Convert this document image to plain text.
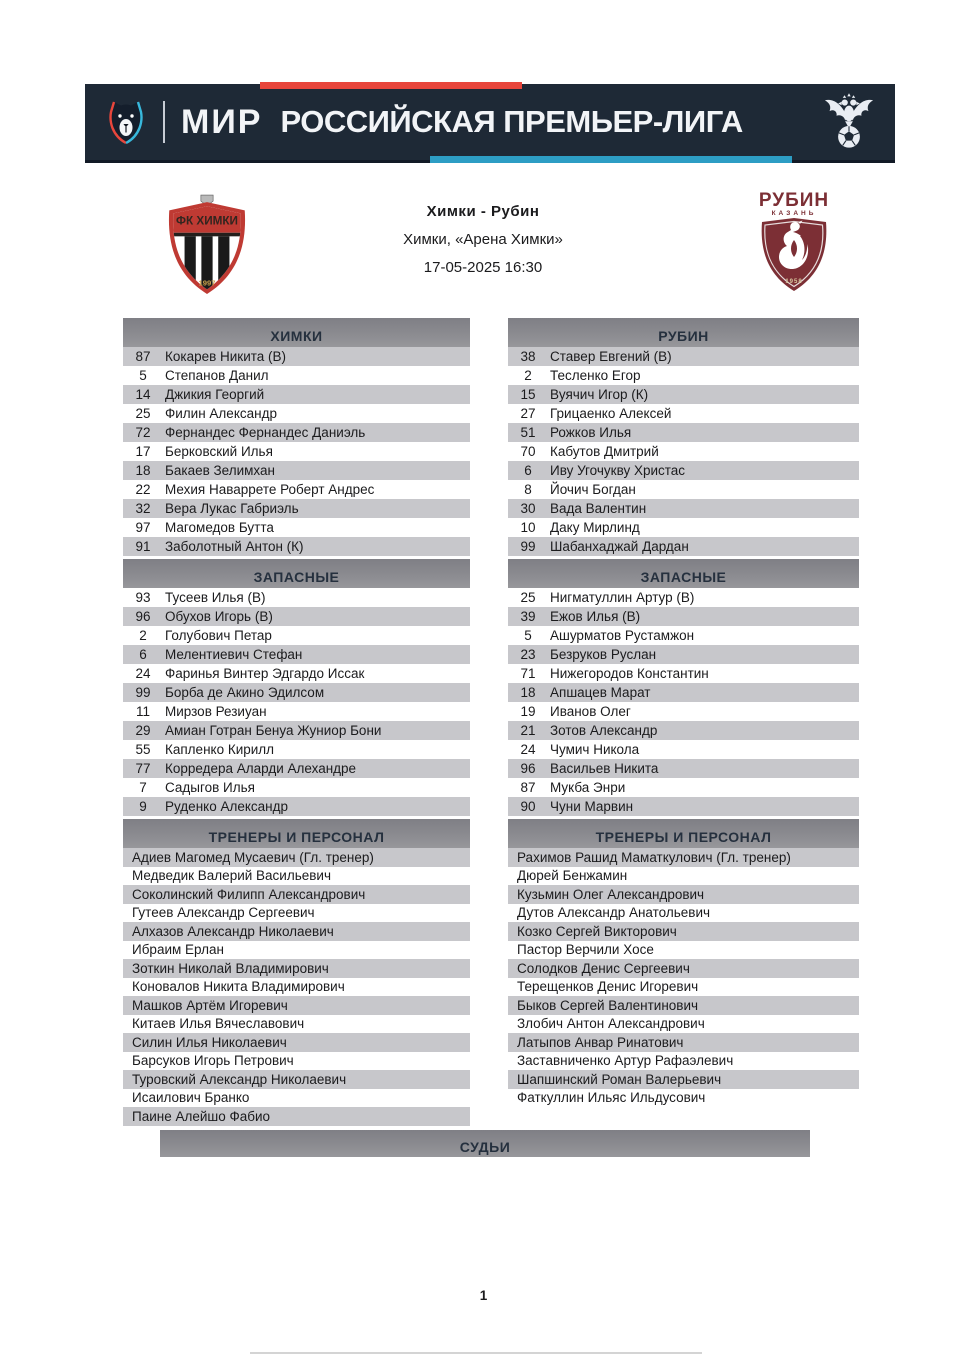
МИР РОССИЙСКАЯ ПРЕМЬЕР-ЛИГА
ФК ХИМКИ
1997
Химки - Рубин
Химки, «Арена Химки»
17-05-2025 16:30
РУБИН
КАЗАНЬ
1958
ХИМКИ
87	Кокарев Никита (В)
5	Степанов Данил
14	Джикия Георгий
25	Филин Александр
72	Фернандес Фернандес Даниэль
17	Берковский Илья
18	Бакаев Зелимхан
22	Мехия Наваррете Роберт Андрес
32	Вера Лукас Габриэль
97	Магомедов Бутта
91	Заболотный Антон (К)
ЗАПАСНЫЕ
93	Тусеев Илья (В)
96	Обухов Игорь (В)
2	Голубович Петар
6	Мелентиевич Стефан
24	Фаринья Винтер Эдгардо Иссак
99	Борба де Акино Эдилсом
11	Мирзов Резиуан
29	Амиан Готран Бенуа Жуниор Бони
55	Капленко Кирилл
77	Корредера Аларди Алехандре
7	Садыгов Илья
9	Руденко Александр
ТРЕНЕРЫ И ПЕРСОНАЛ
Адиев Магомед Мусаевич (Гл. тренер)
Медведик Валерий Васильевич
Соколинский Филипп Александрович
Гутеев Александр Сергеевич
Алхазов Александр Николаевич
Ибраим Ерлан
Зоткин Николай Владимирович
Коновалов Никита Владимирович
Машков Артём Игоревич
Китаев Илья Вячеславович
Силин Илья Николаевич
Барсуков Игорь Петрович
Туровский Александр Николаевич
Исаилович Бранко
Паине Алейшо Фабио
РУБИН
38	Ставер Евгений (В)
2	Тесленко Егор
15	Вуячич Игор (К)
27	Грицаенко Алексей
51	Рожков Илья
70	Кабутов Дмитрий
6	Иву Угочукву Христас
8	Йочич Богдан
30	Вада Валентин
10	Даку Мирлинд
99	Шабанхаджай Дардан
ЗАПАСНЫЕ
25	Нигматуллин Артур (В)
39	Ежов Илья (В)
5	Ашурматов Рустамжон
23	Безруков Руслан
71	Нижегородов Константин
18	Апшацев Марат
19	Иванов Олег
21	Зотов Александр
24	Чумич Никола
96	Васильев Никита
87	Мукба Энри
90	Чуни Марвин
ТРЕНЕРЫ И ПЕРСОНАЛ
Рахимов Рашид Маматкулович (Гл. тренер)
Дюрей Бенжамин
Кузьмин Олег Александрович
Дутов Александр Анатольевич
Козко Сергей Викторович
Пастор Верчили Хосе
Солодков Денис Сергеевич
Терещенков Денис Игоревич
Быков Сергей Валентинович
Злобич Антон Александрович
Латыпов Анвар Ринатович
Заставниченко Артур Рафаэлевич
Шапшинский Роман Валерьевич
Фаткуллин Ильяс Ильдусович
СУДЬИ
1
